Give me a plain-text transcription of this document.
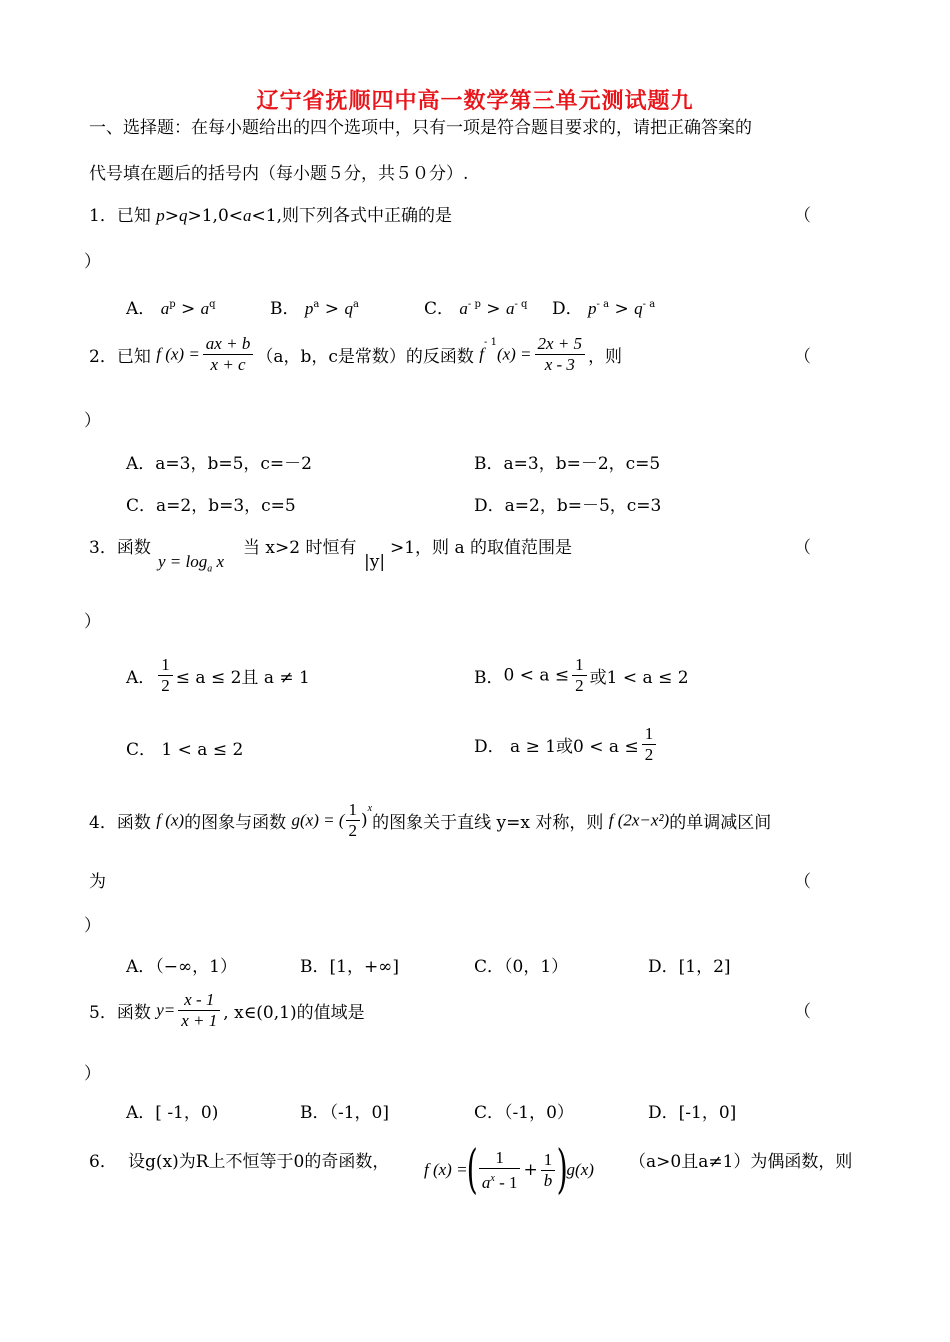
辽宁省抚顺四中高一数学第三单元测试题九
一、选择题：在每小题给出的四个选项中，只有一项是符合题目要求的，请把正确答案的
代号填在题后的括号内（每小题５分，共５０分）.
1．已知 p>q>1,0<a<1,则下列各式中正确的是	（
）
A． $a^p > a^q$	B． $p^a > q^a$	C． $a^{- p} > a^{- q}$ D． $p^{- a} > q^{- a}$
2．已知 f $(x) = \frac{ax + b}{x + c} (a$，b，c是常数）的反函数 $f^{- 1}(x) = \frac{2x + 5}{x - 3}$ ，则	（
）
A．a=3，b=5，c=－2	B．a=3，b=－2，c=5
C．a=2，b=3，c=5	D．a=2，b=－5，c=3
3．函数
$y = \log_a x$
当 x>2 时恒有
|y|
>1，则 a 的取值范围是	（
）
A． $\frac{1}{2} \le a \le 2$且 a ≠ 1	B．$0 < a \le \frac{1}{2}$ 或1 < a ≤ 2
C． 1 < a ≤ 2	D． a ≥ 1或$0 < a \le \frac{1}{2}$
4．函数 f (x)的图象与函数 g(x) = ( $\frac{1}{2} )^x$的图象关于直线 y=x 对称，则 f (2x−x²)的单调减区间
为	（
）
A．（−∞，1）	B．[1，+∞]	C．（0，1）	D．[1，2]
5．函数 $y= \frac{x - 1}{x + 1}$ , x∈(0,1)的值域是	（
）
A．[ -1，0)	B．（-1，0]	C．（-1，0）	D．[-1，0]
6． 设g(x)为R上不恒等于0的奇函数， f (x) =( $\frac{1}{a^x - 1} + \frac{1}{b} )g(x)$ （a>0且a≠1）为偶函数，则
